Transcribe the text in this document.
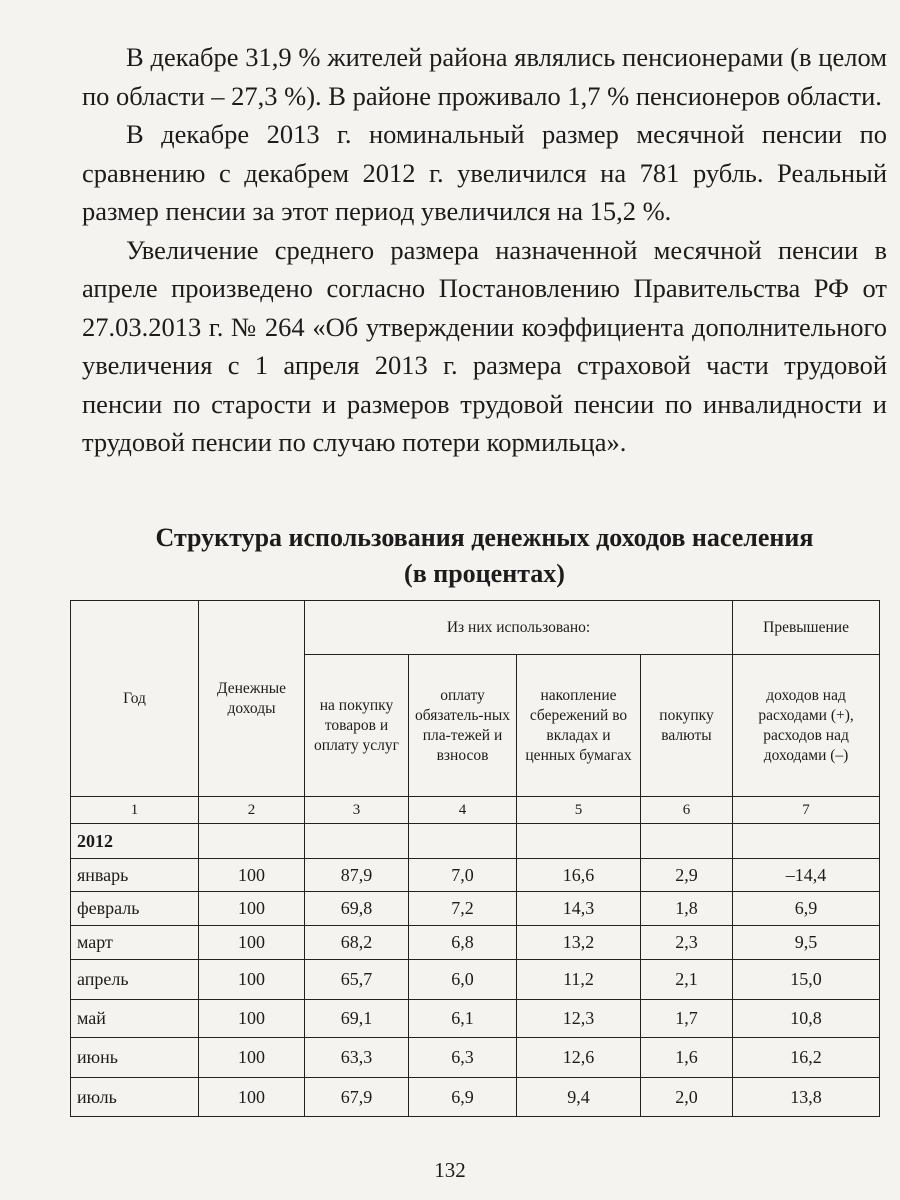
В декабре 31,9 % жителей района являлись пенсионерами (в целом по области – 27,3 %). В районе проживало 1,7 % пенсионеров области.

В декабре 2013 г. номинальный размер месячной пенсии по сравнению с декабрем 2012 г. увеличился на 781 рубль. Реальный размер пенсии за этот период увеличился на 15,2 %.

Увеличение среднего размера назначенной месячной пенсии в апреле произведено согласно Постановлению Правительства РФ от 27.03.2013 г. № 264 «Об утверждении коэффициента дополнительного увеличения с 1 апреля 2013 г. размера страховой части трудовой пенсии по старости и размеров трудовой пенсии по инвалидности и трудовой пенсии по случаю потери кормильца».

Структура использования денежных доходов населения
(в процентах)
Год	Денежные доходы	Из них использовано:				Превышение
		на покупку товаров и оплату услуг	оплату обязатель-ных пла-тежей и взносов	накопление сбережений во вкладах и ценных бумагах	покупку валюты	доходов над расходами (+), расходов над доходами (–)
1	2	3	4	5	6	7
2012						
январь	100	87,9	7,0	16,6	2,9	–14,4
февраль	100	69,8	7,2	14,3	1,8	6,9
март	100	68,2	6,8	13,2	2,3	9,5
апрель	100	65,7	6,0	11,2	2,1	15,0
май	100	69,1	6,1	12,3	1,7	10,8
июнь	100	63,3	6,3	12,6	1,6	16,2
июль	100	67,9	6,9	9,4	2,0	13,8
132
